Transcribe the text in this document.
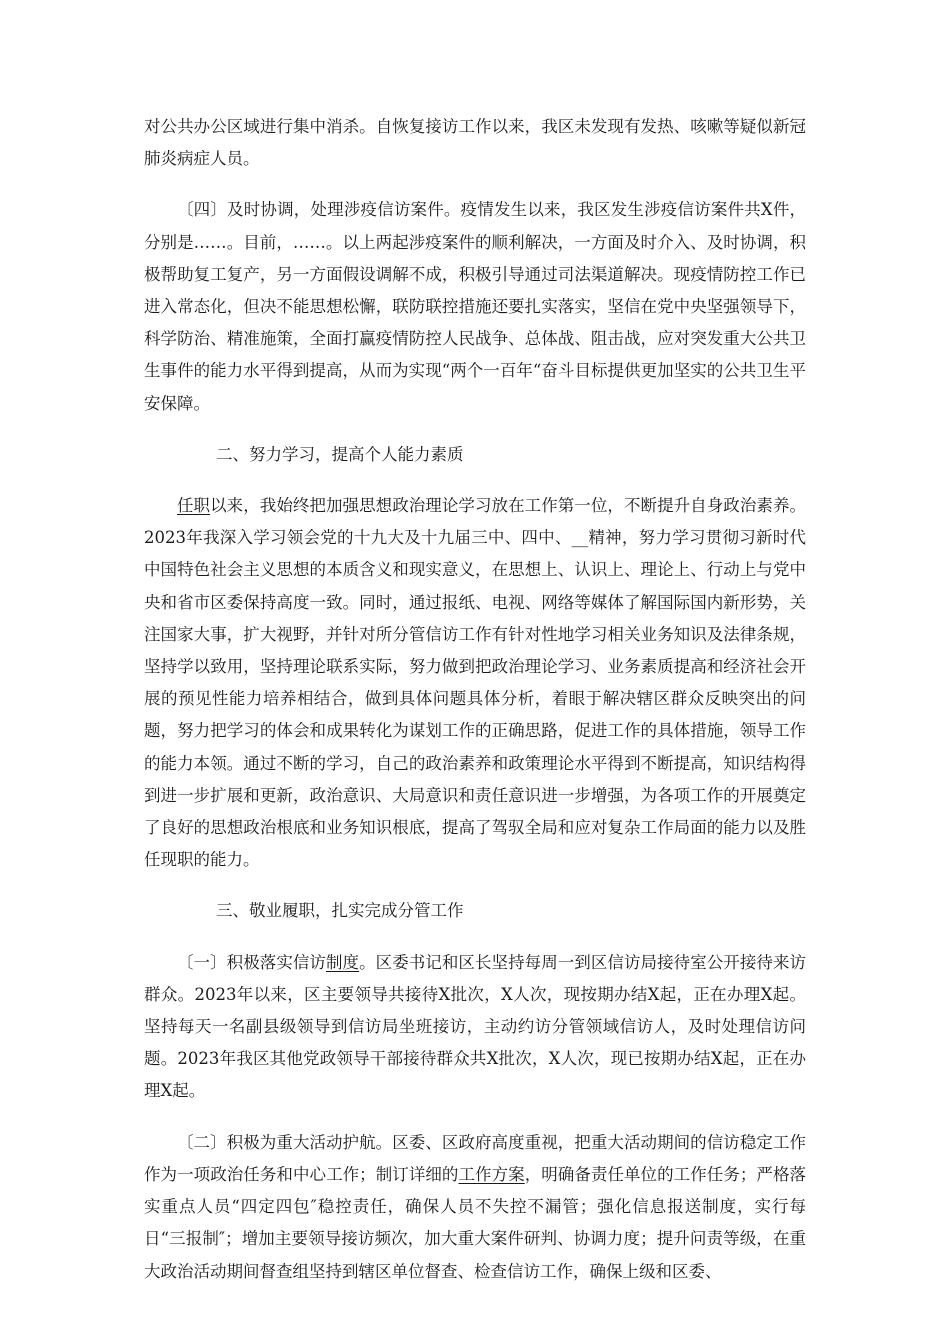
对公共办公区域进行集中消杀。自恢复接访工作以来，我区未发现有发热、咳嗽等疑似新冠肺炎病症人员。

〔四〕及时协调，处理涉疫信访案件。疫情发生以来，我区发生涉疫信访案件共X件，分别是……。目前，……。以上两起涉疫案件的顺利解决，一方面及时介入、及时协调，积极帮助复工复产，另一方面假设调解不成，积极引导通过司法渠道解决。现疫情防控工作已进入常态化，但决不能思想松懈，联防联控措施还要扎实落实，坚信在党中央坚强领导下，科学防治、精准施策，全面打赢疫情防控人民战争、总体战、阻击战，应对突发重大公共卫生事件的能力水平得到提高，从而为实现“两个一百年“奋斗目标提供更加坚实的公共卫生平安保障。

二、努力学习，提高个人能力素质

任职以来，我始终把加强思想政治理论学习放在工作第一位，不断提升自身政治素养。2023年我深入学习领会党的十九大及十九届三中、四中、__精神，努力学习贯彻习新时代中国特色社会主义思想的本质含义和现实意义，在思想上、认识上、理论上、行动上与党中央和省市区委保持高度一致。同时，通过报纸、电视、网络等媒体了解国际国内新形势，关注国家大事，扩大视野，并针对所分管信访工作有针对性地学习相关业务知识及法律条规，坚持学以致用，坚持理论联系实际，努力做到把政治理论学习、业务素质提高和经济社会开展的预见性能力培养相结合，做到具体问题具体分析，着眼于解决辖区群众反映突出的问题，努力把学习的体会和成果转化为谋划工作的正确思路，促进工作的具体措施，领导工作的能力本领。通过不断的学习，自己的政治素养和政策理论水平得到不断提高，知识结构得到进一步扩展和更新，政治意识、大局意识和责任意识进一步增强，为各项工作的开展奠定了良好的思想政治根底和业务知识根底，提高了驾驭全局和应对复杂工作局面的能力以及胜任现职的能力。

三、敬业履职，扎实完成分管工作

〔一〕积极落实信访制度。区委书记和区长坚持每周一到区信访局接待室公开接待来访群众。2023年以来，区主要领导共接待X批次，X人次，现按期办结X起，正在办理X起。坚持每天一名副县级领导到信访局坐班接访，主动约访分管领域信访人，及时处理信访问题。2023年我区其他党政领导干部接待群众共X批次，X人次，现已按期办结X起，正在办理X起。

〔二〕积极为重大活动护航。区委、区政府高度重视，把重大活动期间的信访稳定工作作为一项政治任务和中心工作；制订详细的工作方案，明确备责任单位的工作任务；严格落实重点人员“四定四包″稳控责任，确保人员不失控不漏管；强化信息报送制度，实行每日“三报制″；增加主要领导接访频次，加大重大案件研判、协调力度；提升问责等级，在重大政治活动期间督查组坚持到辖区单位督查、检查信访工作，确保上级和区委、
